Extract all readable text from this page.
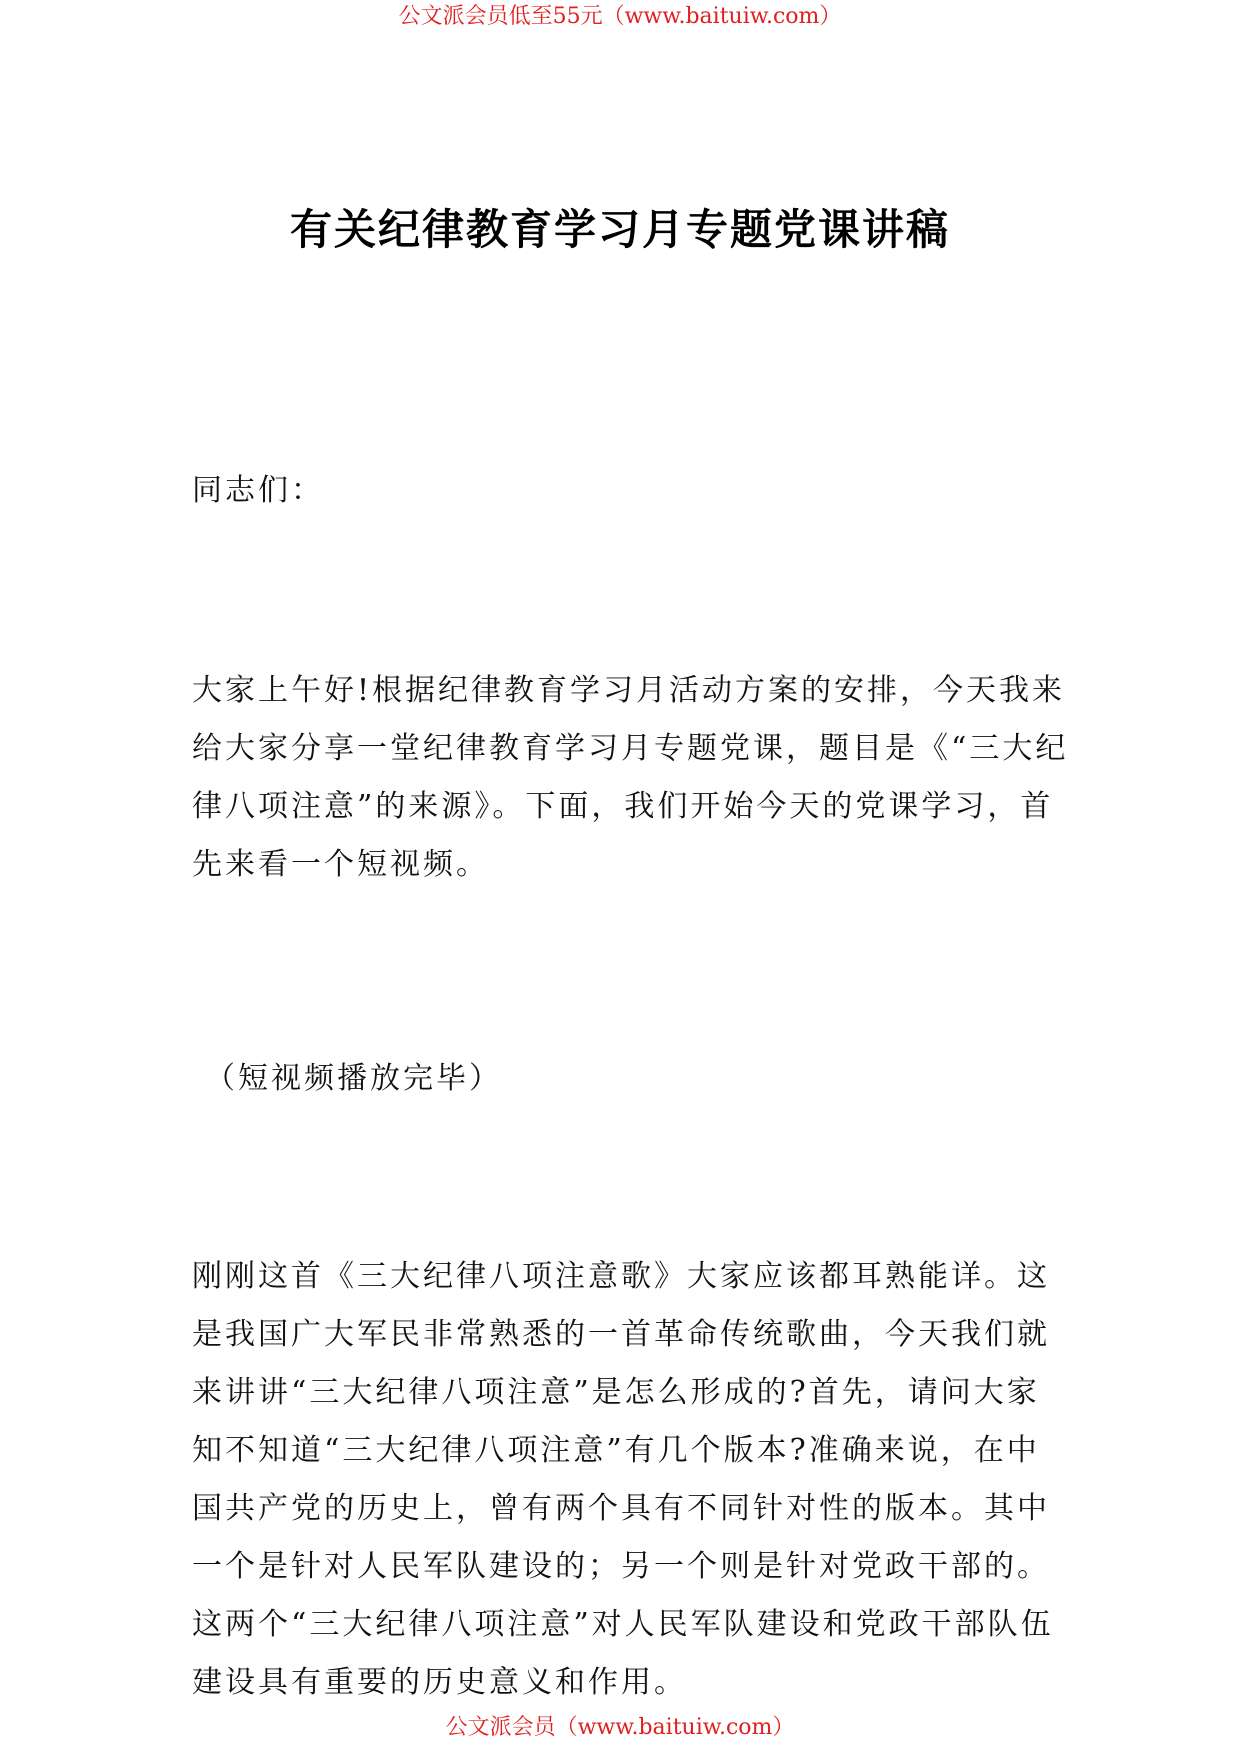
公文派会员低至55元（www.baituiw.com）
有关纪律教育学习月专题党课讲稿

同志们：

大家上午好!根据纪律教育学习月活动方案的安排，今天我来给大家分享一堂纪律教育学习月专题党课，题目是《“三大纪律八项注意”的来源》。下面，我们开始今天的党课学习，首先来看一个短视频。

（短视频播放完毕）

刚刚这首《三大纪律八项注意歌》大家应该都耳熟能详。这是我国广大军民非常熟悉的一首革命传统歌曲，今天我们就来讲讲“三大纪律八项注意”是怎么形成的?首先，请问大家知不知道“三大纪律八项注意”有几个版本?准确来说，在中国共产党的历史上，曾有两个具有不同针对性的版本。其中一个是针对人民军队建设的；另一个则是针对党政干部的。这两个“三大纪律八项注意”对人民军队建设和党政干部队伍建设具有重要的历史意义和作用。

公文派会员（www.baituiw.com）
